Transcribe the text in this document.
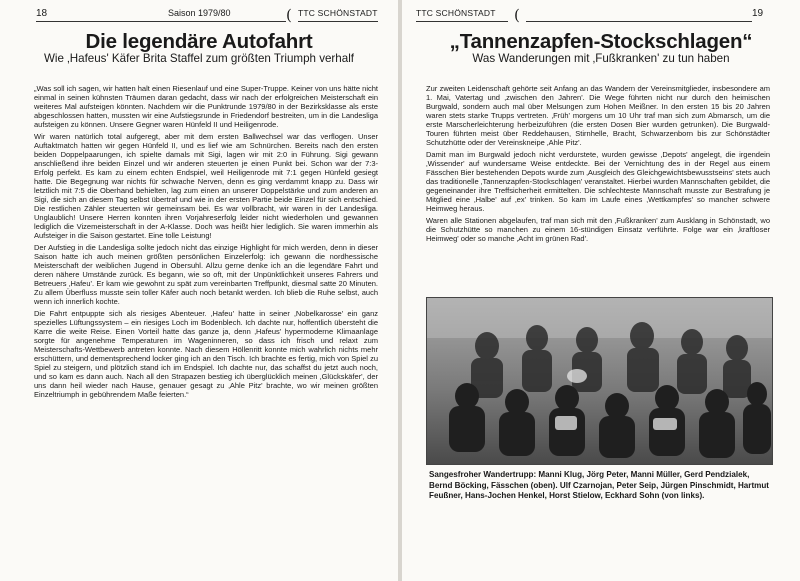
18	Saison 1979/80	( TTC SCHÖNSTADT
Die legendäre Autofahrt
Wie ‚Hafeus' Käfer Brita Staffel zum größten Triumph verhalf

„Was soll ich sagen, wir hatten halt einen Riesenlauf und eine Super-Truppe. Keiner von uns hätte nicht einmal in seinen kühnsten Träumen daran gedacht, dass wir nach der erfolgreichen Meisterschaft ein weiteres Mal aufsteigen könnten. Nachdem wir die Punktrunde 1979/80 in der Bezirksklasse als erste abgeschlossen hatten, mussten wir eine Aufstiegsrunde in Friedendorf bestreiten, um in die Landesliga aufsteigen zu können. Unsere Gegner waren Hünfeld II und Heiligenrode.

Wir waren natürlich total aufgeregt, aber mit dem ersten Ballwechsel war das verflogen. Unser Auftaktmatch hatten wir gegen Hünfeld II, und es lief wie am Schnürchen. Bereits nach den ersten beiden Doppelpaarungen, ich spielte damals mit Sigi, lagen wir mit 2:0 in Führung. Sigi gewann anschließend ihre beiden Einzel und wir anderen steuerten je einen Punkt bei. Schon war der 7:3-Erfolg perfekt. Es kam zu einem echten Endspiel, weil Heiligenrode mit 7:1 gegen Hünfeld gesiegt hatte. Die Begegnung war nichts für schwache Nerven, denn es ging verdammt knapp zu. Dass wir letztlich mit 7:5 die Oberhand behielten, lag zum einen an unserer Doppelstärke und zum anderen an Sigi, die sich an diesem Tag selbst übertraf und wie in der ersten Partie beide Einzel für sich entschied. Die restlichen Zähler steuerten wir gemeinsam bei. Es war vollbracht, wir waren in der Landesliga. Unglaublich! Unsere Herren konnten ihren Vorjahreserfolg leider nicht wiederholen und gewannen lediglich die Vizemeisterschaft in der A-Klasse. Doch was heißt hier lediglich. Sie waren immerhin als Aufsteiger in die Saison gestartet. Eine tolle Leistung!

Der Aufstieg in die Landesliga sollte jedoch nicht das einzige Highlight für mich werden, denn in dieser Saison hatte ich auch meinen größten persönlichen Einzelerfolg: ich gewann die nordhessische Meisterschaft der weiblichen Jugend in Obersuhl. Allzu gerne denke ich an die legendäre Fahrt und deren nähere Umstände zurück. Es begann, wie so oft, mit der Unpünktlichkeit unseres Fahrers und Betreuers ‚Hafeu'. Er kam wie gewohnt zu spät zum vereinbarten Treffpunkt, diesmal satte 20 Minuten. Zu allem Überfluss musste sein toller Käfer auch noch betankt werden. Ich blieb die Ruhe selbst, auch wenn ich innerlich kochte.

Die Fahrt entpuppte sich als riesiges Abenteuer. ‚Hafeu' hatte in seiner ‚Nobelkarosse' ein ganz spezielles Lüftungssystem – ein riesiges Loch im Bodenblech. Ich dachte nur, hoffentlich übersteht die Karre die weite Reise. Einen Vorteil hatte das ganze ja, denn ‚Hafeus' hypermoderne Klimaanlage sorgte für angenehme Temperaturen im Wageninneren, so dass ich frisch und relaxt zum Meisterschafts-Wettbewerb antreten konnte. Nach diesem Höllenritt konnte mich wahrlich nichts mehr erschüttern, und dementsprechend locker ging ich an den Tisch. Ich brachte es fertig, mich von Spiel zu Spiel zu steigern, und plötzlich stand ich im Endspiel. Ich dachte nur, das schaffst du jetzt auch noch, und so kam es dann auch. Nach all den Strapazen bestieg ich überglücklich meinen ‚Glückskäfer', der uns dann heil wieder nach Hause, genauer gesagt zu ‚Ahle Pitz' brachte, wo wir meinen größten Einzeltriumph in gebührendem Maße feierten.“

TTC SCHÖNSTADT (	19
„Tannenzapfen-Stockschlagen“
Was Wanderungen mit ‚Fußkranken' zu tun haben

Zur zweiten Leidenschaft gehörte seit Anfang an das Wandern der Vereinsmitglieder, insbesondere am 1. Mai, Vatertag und ‚zwischen den Jahren'. Die Wege führten nicht nur durch den heimischen Burgwald, sondern auch mal über Melsungen zum Hohen Meißner. In den ersten 15 bis 20 Jahren waren stets starke Trupps vertreten. ‚Früh' morgens um 10 Uhr traf man sich zum Abmarsch, um die erste Marscherleichterung herbeizuführen (die ersten Dosen Bier wurden getrunken). Die Burgwald-Touren führten meist über Reddehausen, Stirnhelle, Bracht, Schwarzenborn bis zur Schönstädter Schutzhütte oder der Vereinskneipe ‚Ahle Pitz'.

Damit man im Burgwald jedoch nicht verdurstete, wurden gewisse ‚Depots' angelegt, die irgendein ‚Wissender' auf wundersame Weise entdeckte. Bei der Vernichtung des in der Regel aus einem Fässchen Bier bestehenden Depots wurde zum ‚Ausgleich des Gleichgewichtsbewusstseins' stets auch das traditionelle ‚Tannenzapfen-Stockschlagen' veranstaltet. Hierbei wurden Mannschaften gebildet, die gegeneinander ihre Treffsicherheit ermittelten. Die schlechteste Mannschaft musste zur Bestrafung je Mitglied eine ‚Halbe' auf ‚ex' trinken. So kam im Laufe eines ‚Wettkampfes' so mancher schwere Heimweg heraus.

Waren alle Stationen abgelaufen, traf man sich mit den ‚Fußkranken' zum Ausklang in Schönstadt, wo die Schutzhütte so manchen zu einem 16-stündigen Einsatz verführte. Folge war ein ‚kraftloser Heimweg' oder so manche ‚Acht im grünen Rad'.

Sangesfroher Wandertrupp: Manni Klug, Jörg Peter, Manni Müller, Gerd Pendzialek, Bernd Böcking, Fässchen (oben). Ulf Czarnojan, Peter Seip, Jürgen Pinschmidt, Hartmut Feußner, Hans-Jochen Henkel, Horst Stielow, Eckhard Sohn (von links).
